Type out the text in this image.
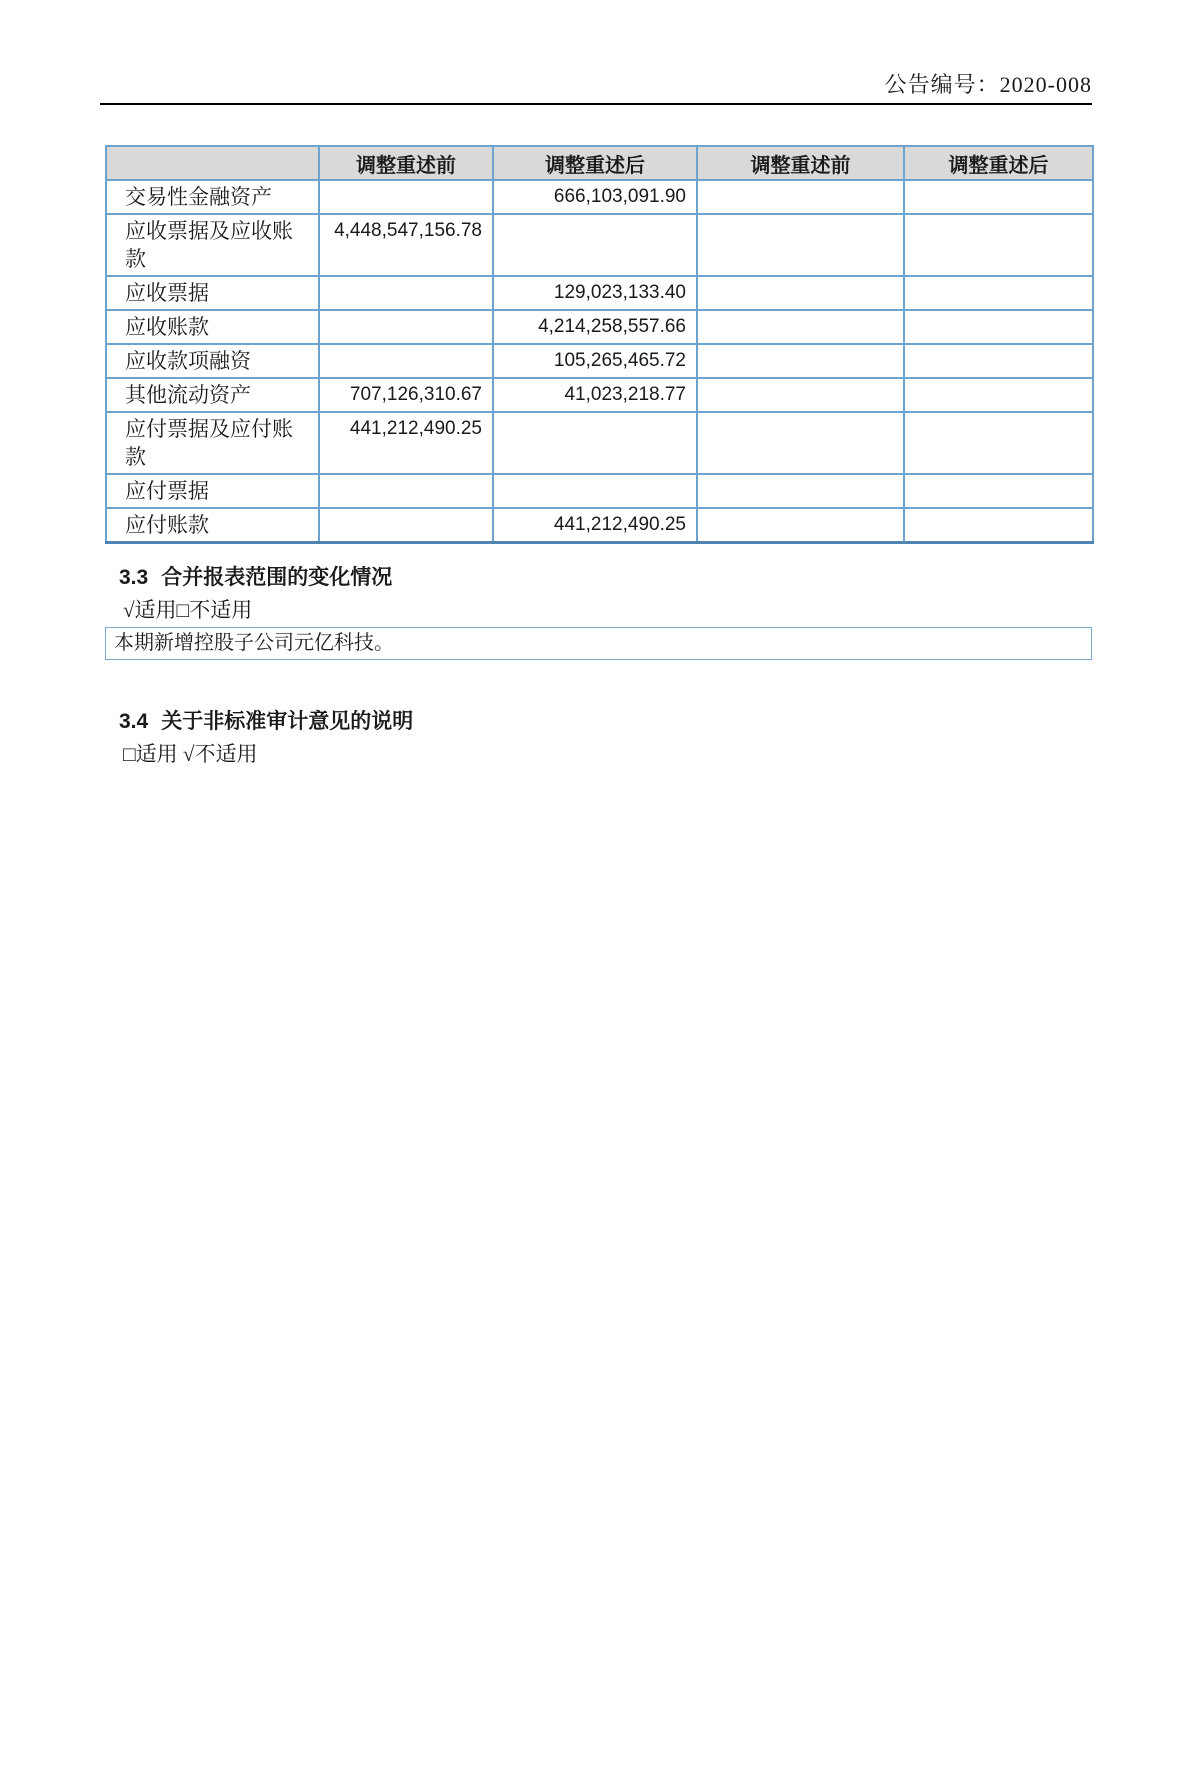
公告编号：2020-008
	调整重述前	调整重述后	调整重述前	调整重述后
交易性金融资产		666,103,091.90		
应收票据及应收账款	4,448,547,156.78			
应收票据		129,023,133.40		
应收账款		4,214,258,557.66		
应收款项融资		105,265,465.72		
其他流动资产	707,126,310.67	41,023,218.77		
应付票据及应付账款	441,212,490.25			
应付票据				
应付账款		441,212,490.25		
3.3 合并报表范围的变化情况
√适用□不适用
本期新增控股子公司元亿科技。
3.4 关于非标准审计意见的说明
□适用 √不适用
